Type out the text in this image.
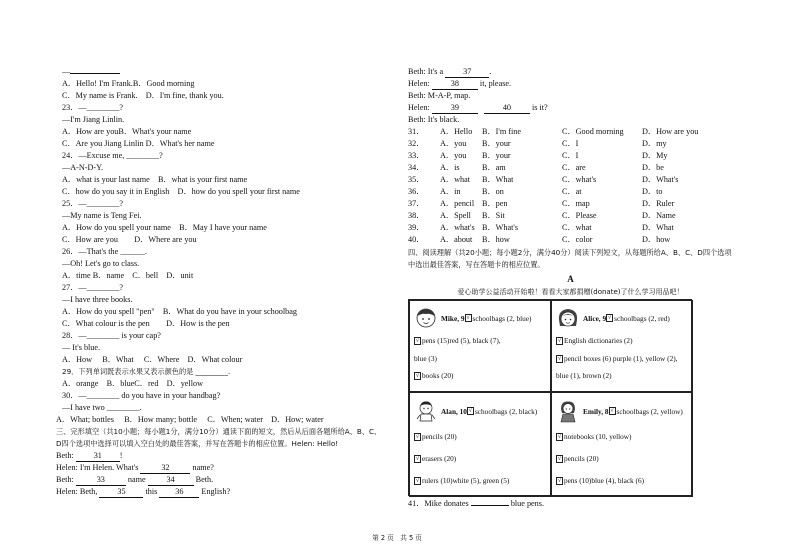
—
A．Hello! I'm Frank.B．Good morning
C．My name is Frank.　D．I'm fine, thank you.
23．—________?
—I'm Jiang Linlin.
A．How are youB．What's your name
C．Are you Jiang Linlin D．What's her name
24．—Excuse me, ________?
—A-N-D-Y.
A．what is your last name　B．what is your first name
C．how do you say it in English　D．how do you spell your first name
25．—________?
—My name is Teng Fei.
A．How do you spell your name　B．May I have your name
C．How are you　　D．Where are you
26．—That's the ______.
—Oh! Let's go to class.
A．time B．name　C．bell　D．unit
27．—________?
—I have three books.
A．How do you spell "pen"　B．What do you have in your schoolbag
C．What colour is the pen　　D．How is the pen
28．—________ is your cap?
— It's blue.
A．How　 B．What　 C．Where　D．What colour
29．下列单词既表示水果又表示颜色的是 _________.
A．orange　B．blueC．red　D．yellow
30．—________ do you have in your handbag?
—I have two ________.
A．What; bottles　 B．How many; bottle　 C．When; water　D．How; water
三、完形填空（共10小题；每小题1分，满分10分）通读下面的短文，然后从后面各题所给A、B、C、D四个选项中选择可以填入空白处的最佳答案，并写在答题卡的相应位置。Helen: Hello!
Beth: 31 !
Helen: I'm Helen. What's	32	name?
Beth:	33	name	34	Beth.
Helen: Beth, 35 this 36 English?
Beth: It's a 37 .
Helen:	38	it, please.
Beth: M-A-P, map.
Helen:	39	40	is it?
Beth: It's black.
31．	A．Hello	B．I'm fine	C．Good morning	D．How are you
32．	A．you	B．your	C．I	D．my
33．	A．you	B．your	C．I	D．My
34．	A．is	B．am	C．are	D．be
35．	A．what	B．What	C．what's	D．What's
36．	A．in	B．on	C．at	D．to
37．	A．pencil B．pen	C．map	D．Ruler
38．	A．Spell	B．Sit	C．Please	D．Name
39．	A．what's B．What's	C．what	D．What
40．	A．about	B．how	C．color	D．how
四、阅读理解（共20小题；每小题2分，满分40分）阅读下列短文，从每题所给A、B、C、D四个选项中选出最佳答案，写在答题卡的相应位置。
A
爱心助学公益活动开始啦！看看大家都捐赠(donate)了什么学习用品吧！
Mike, 9 √ schoolbags (2, blue)
√ pens (15)red (5), black (7),
blue (3)
√ books (20)
Alice, 9 √ schoolbags (2, red)
√ English dictionaries (2)
√ pencil boxes (6) purple (1), yellow (2),
blue (1), brown (2)
Alan, 10 √ schoolbags (2, black)
√ pencils (20)
√ erasers (20)
√ rulers (10)white (5), green (5)
Emily, 8 √ schoolbags (2, yellow)
√ notebooks (10, yellow)
√ pencils (20)
√ pens (10)blue (4), black (6)
41．Mike donates	blue pens.
第 2 页　共 5 页
